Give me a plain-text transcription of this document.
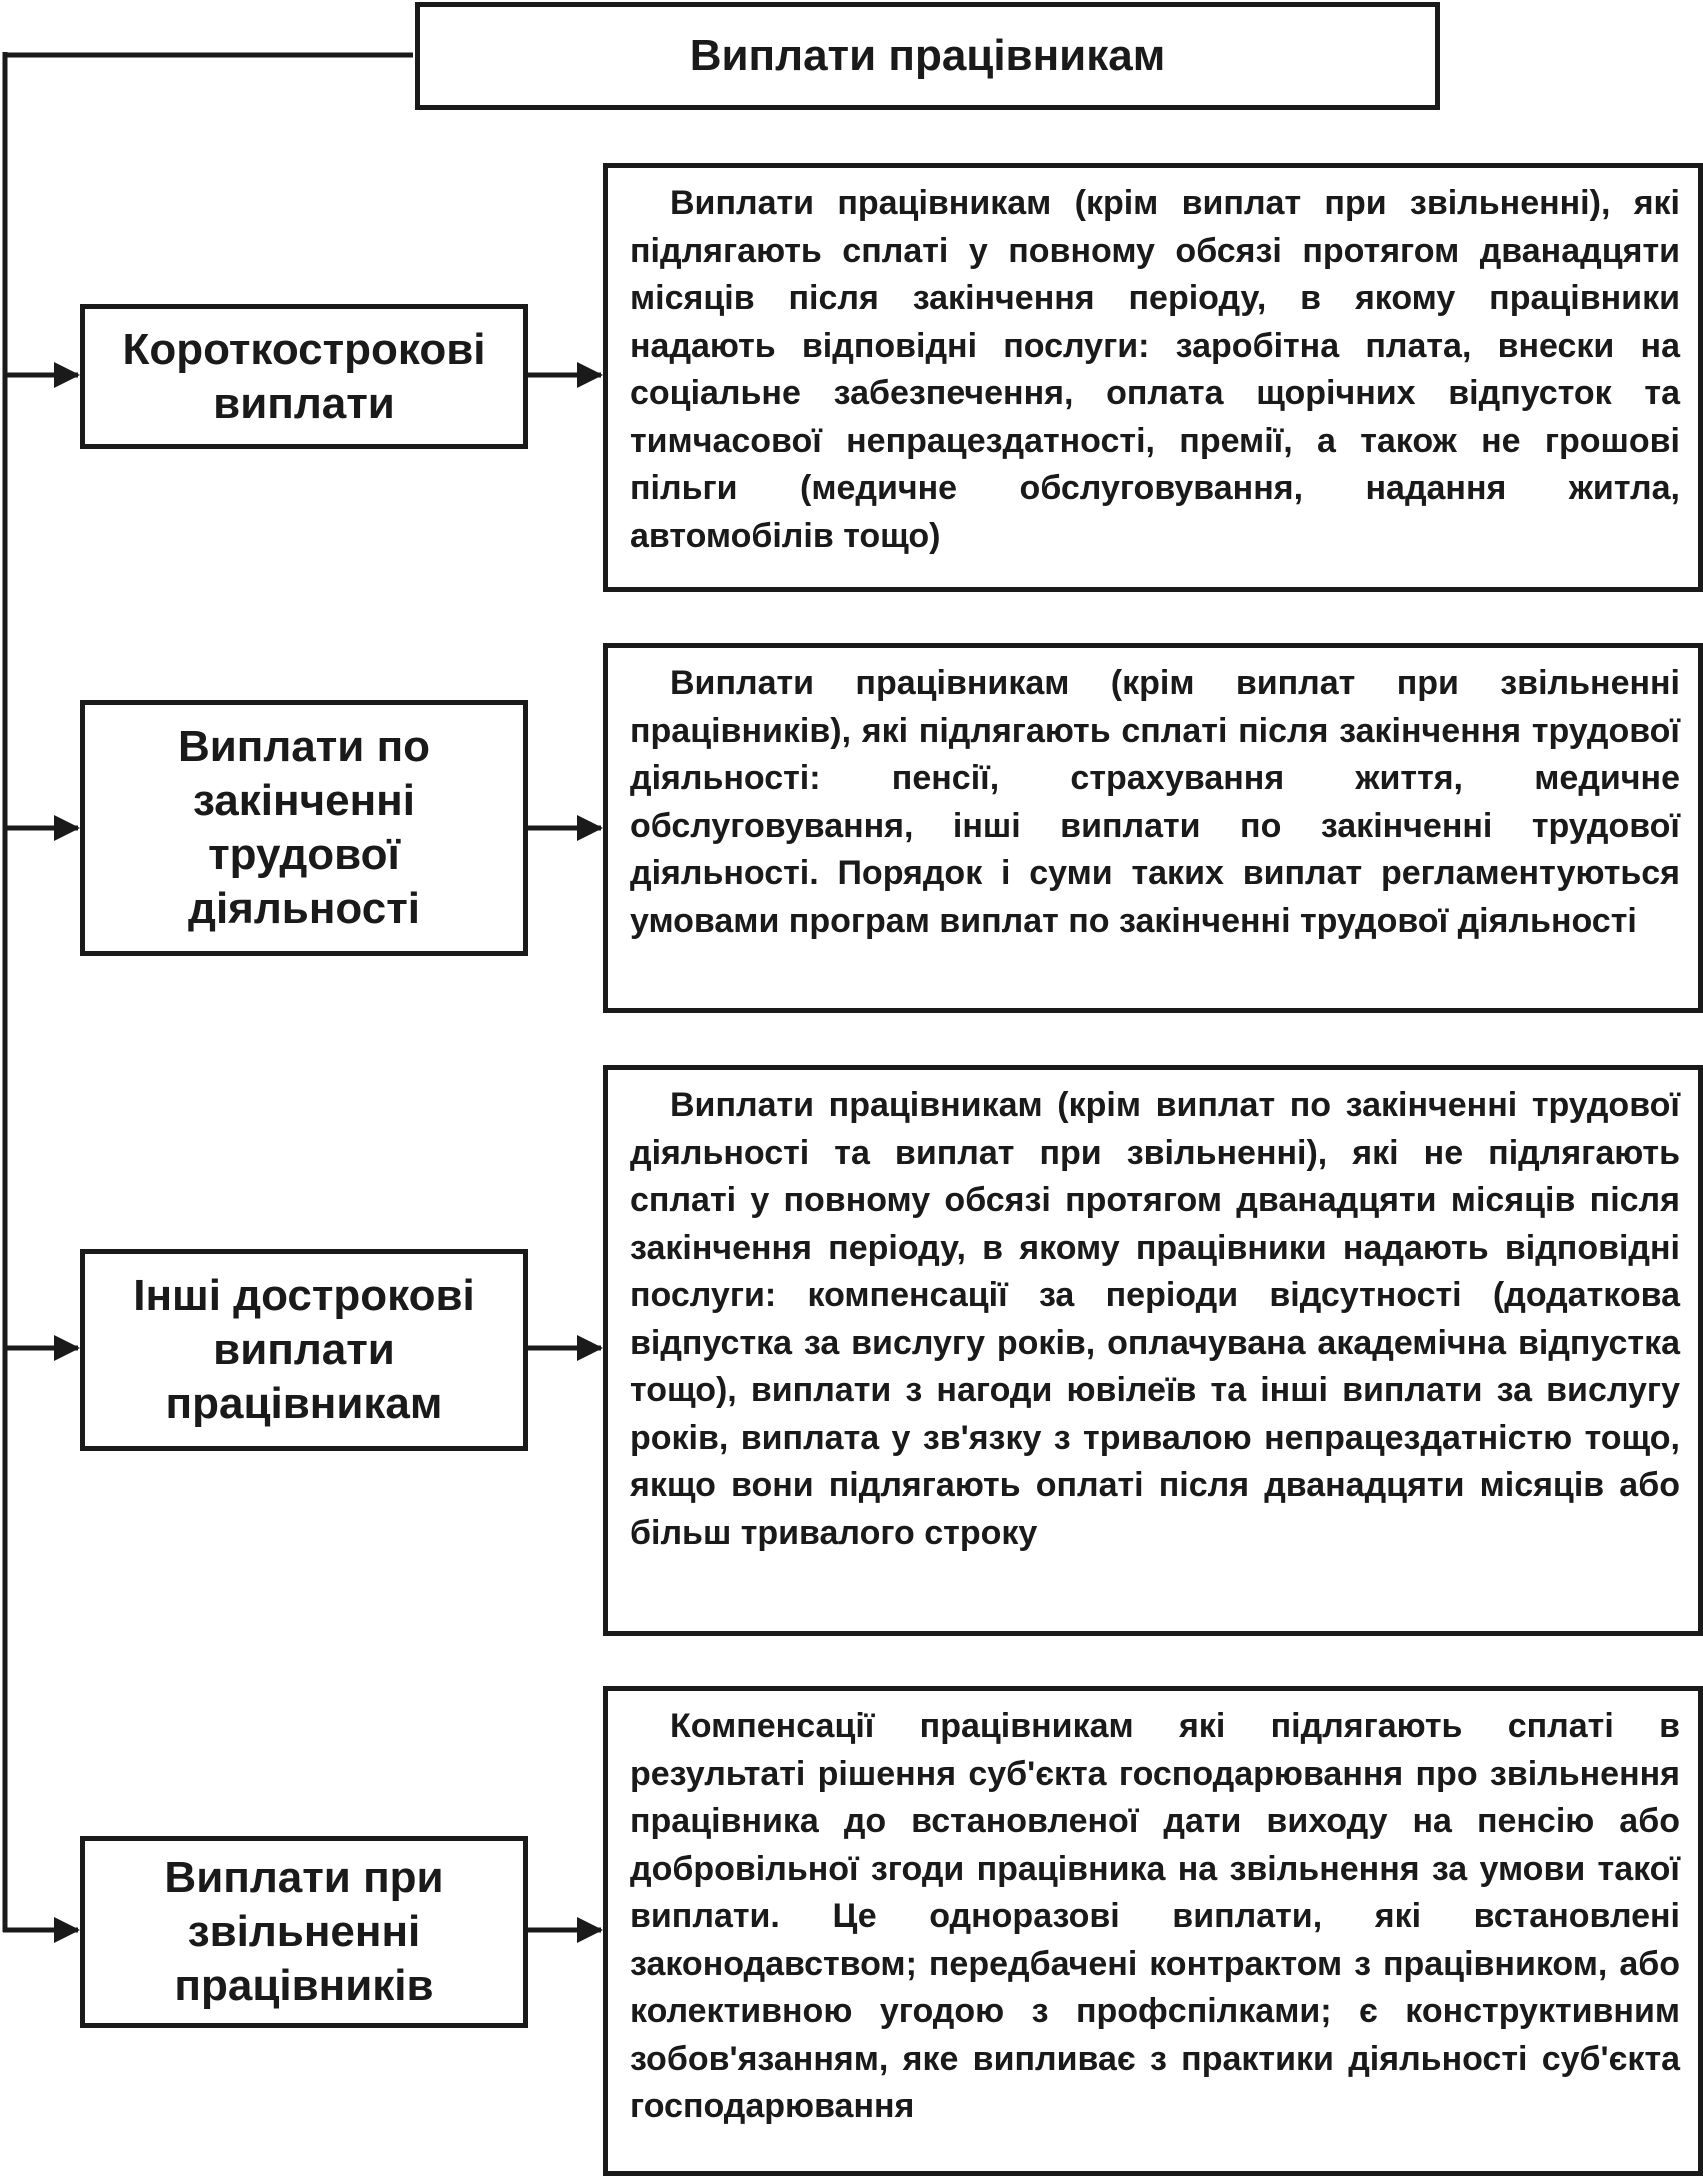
Виплати працівникам
Короткострокові виплати

Виплати працівникам (крім виплат при звільненні), які підлягають сплаті у повному обсязі протягом дванадцяти місяців після закінчення періоду, в якому працівники надають відповідні послуги: заробітна плата, внески на соціальне забезпечення, оплата щорічних відпусток та тимчасової непрацездатності, премії, а також не грошові пільги (медичне обслуговування, надання житла, автомобілів тощо)

Виплати по закінченні трудової діяльності

Виплати працівникам (крім виплат при звільненні працівників), які підлягають сплаті після закінчення трудової діяльності: пенсії, страхування життя, медичне обслуговування, інші виплати по закінченні трудової діяльності. Порядок і суми таких виплат регламентуються умовами програм виплат по закінченні трудової діяльності

Інші дострокові виплати працівникам

Виплати працівникам (крім виплат по закінченні трудової діяльності та виплат при звільненні), які не підлягають сплаті у повному обсязі протягом дванадцяти місяців після закінчення періоду, в якому працівники надають відповідні послуги: компенсації за періоди відсутності (додаткова відпустка за вислугу років, оплачувана академічна відпустка тощо), виплати з нагоди ювілеїв та інші виплати за вислугу років, виплата у зв'язку з тривалою непрацездатністю тощо, якщо вони підлягають оплаті після дванадцяти місяців або більш тривалого строку

Виплати при звільненні працівників

Компенсації працівникам які підлягають сплаті в результаті рішення суб'єкта господарювання про звільнення працівника до встановленої дати виходу на пенсію або добровільної згоди працівника на звільнення за умови такої виплати. Це одноразові виплати, які встановлені законодавством; передбачені контрактом з працівником, або колективною угодою з профспілками; є конструктивним зобов'язанням, яке випливає з практики діяльності суб'єкта господарювання
